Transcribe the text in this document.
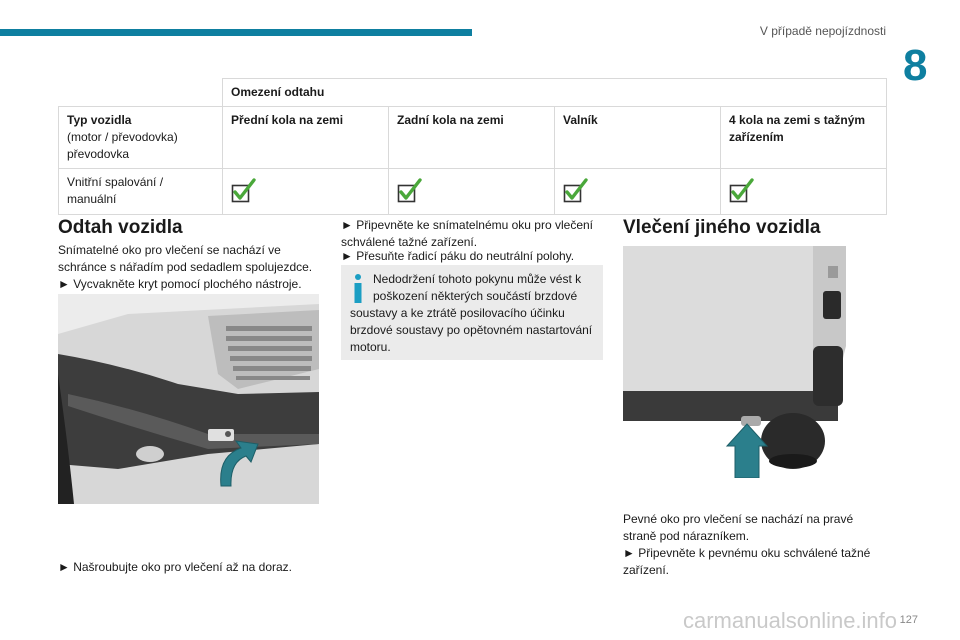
V případě nepojízdnosti
8
	Omezení odtahu			

Typ vozidla
(motor / převodovka)
převodovka	Přední kola na zemi	Zadní kola na zemi	Valník	4 kola na zemi s tažným zařízením

Vnitřní spalování /
manuální

Odtah vozidla
Snímatelné oko pro vlečení se nachází ve schránce s nářadím pod sedadlem spolujezdce.
► Vycvakněte kryt pomocí plochého nástroje.
► Našroubujte oko pro vlečení až na doraz.
► Připevněte ke snímatelnému oku pro vlečení schválené tažné zařízení.
► Přesuňte řadicí páku do neutrální polohy.
Nedodržení tohoto pokynu může vést k poškození některých součástí brzdové soustavy a ke ztrátě posilovacího účinku brzdové soustavy po opětovném nastartování motoru.
Vlečení jiného vozidla
Pevné oko pro vlečení se nachází na pravé straně pod nárazníkem.
► Připevněte k pevnému oku schválené tažné zařízení.
carmanualsonline.info 127
